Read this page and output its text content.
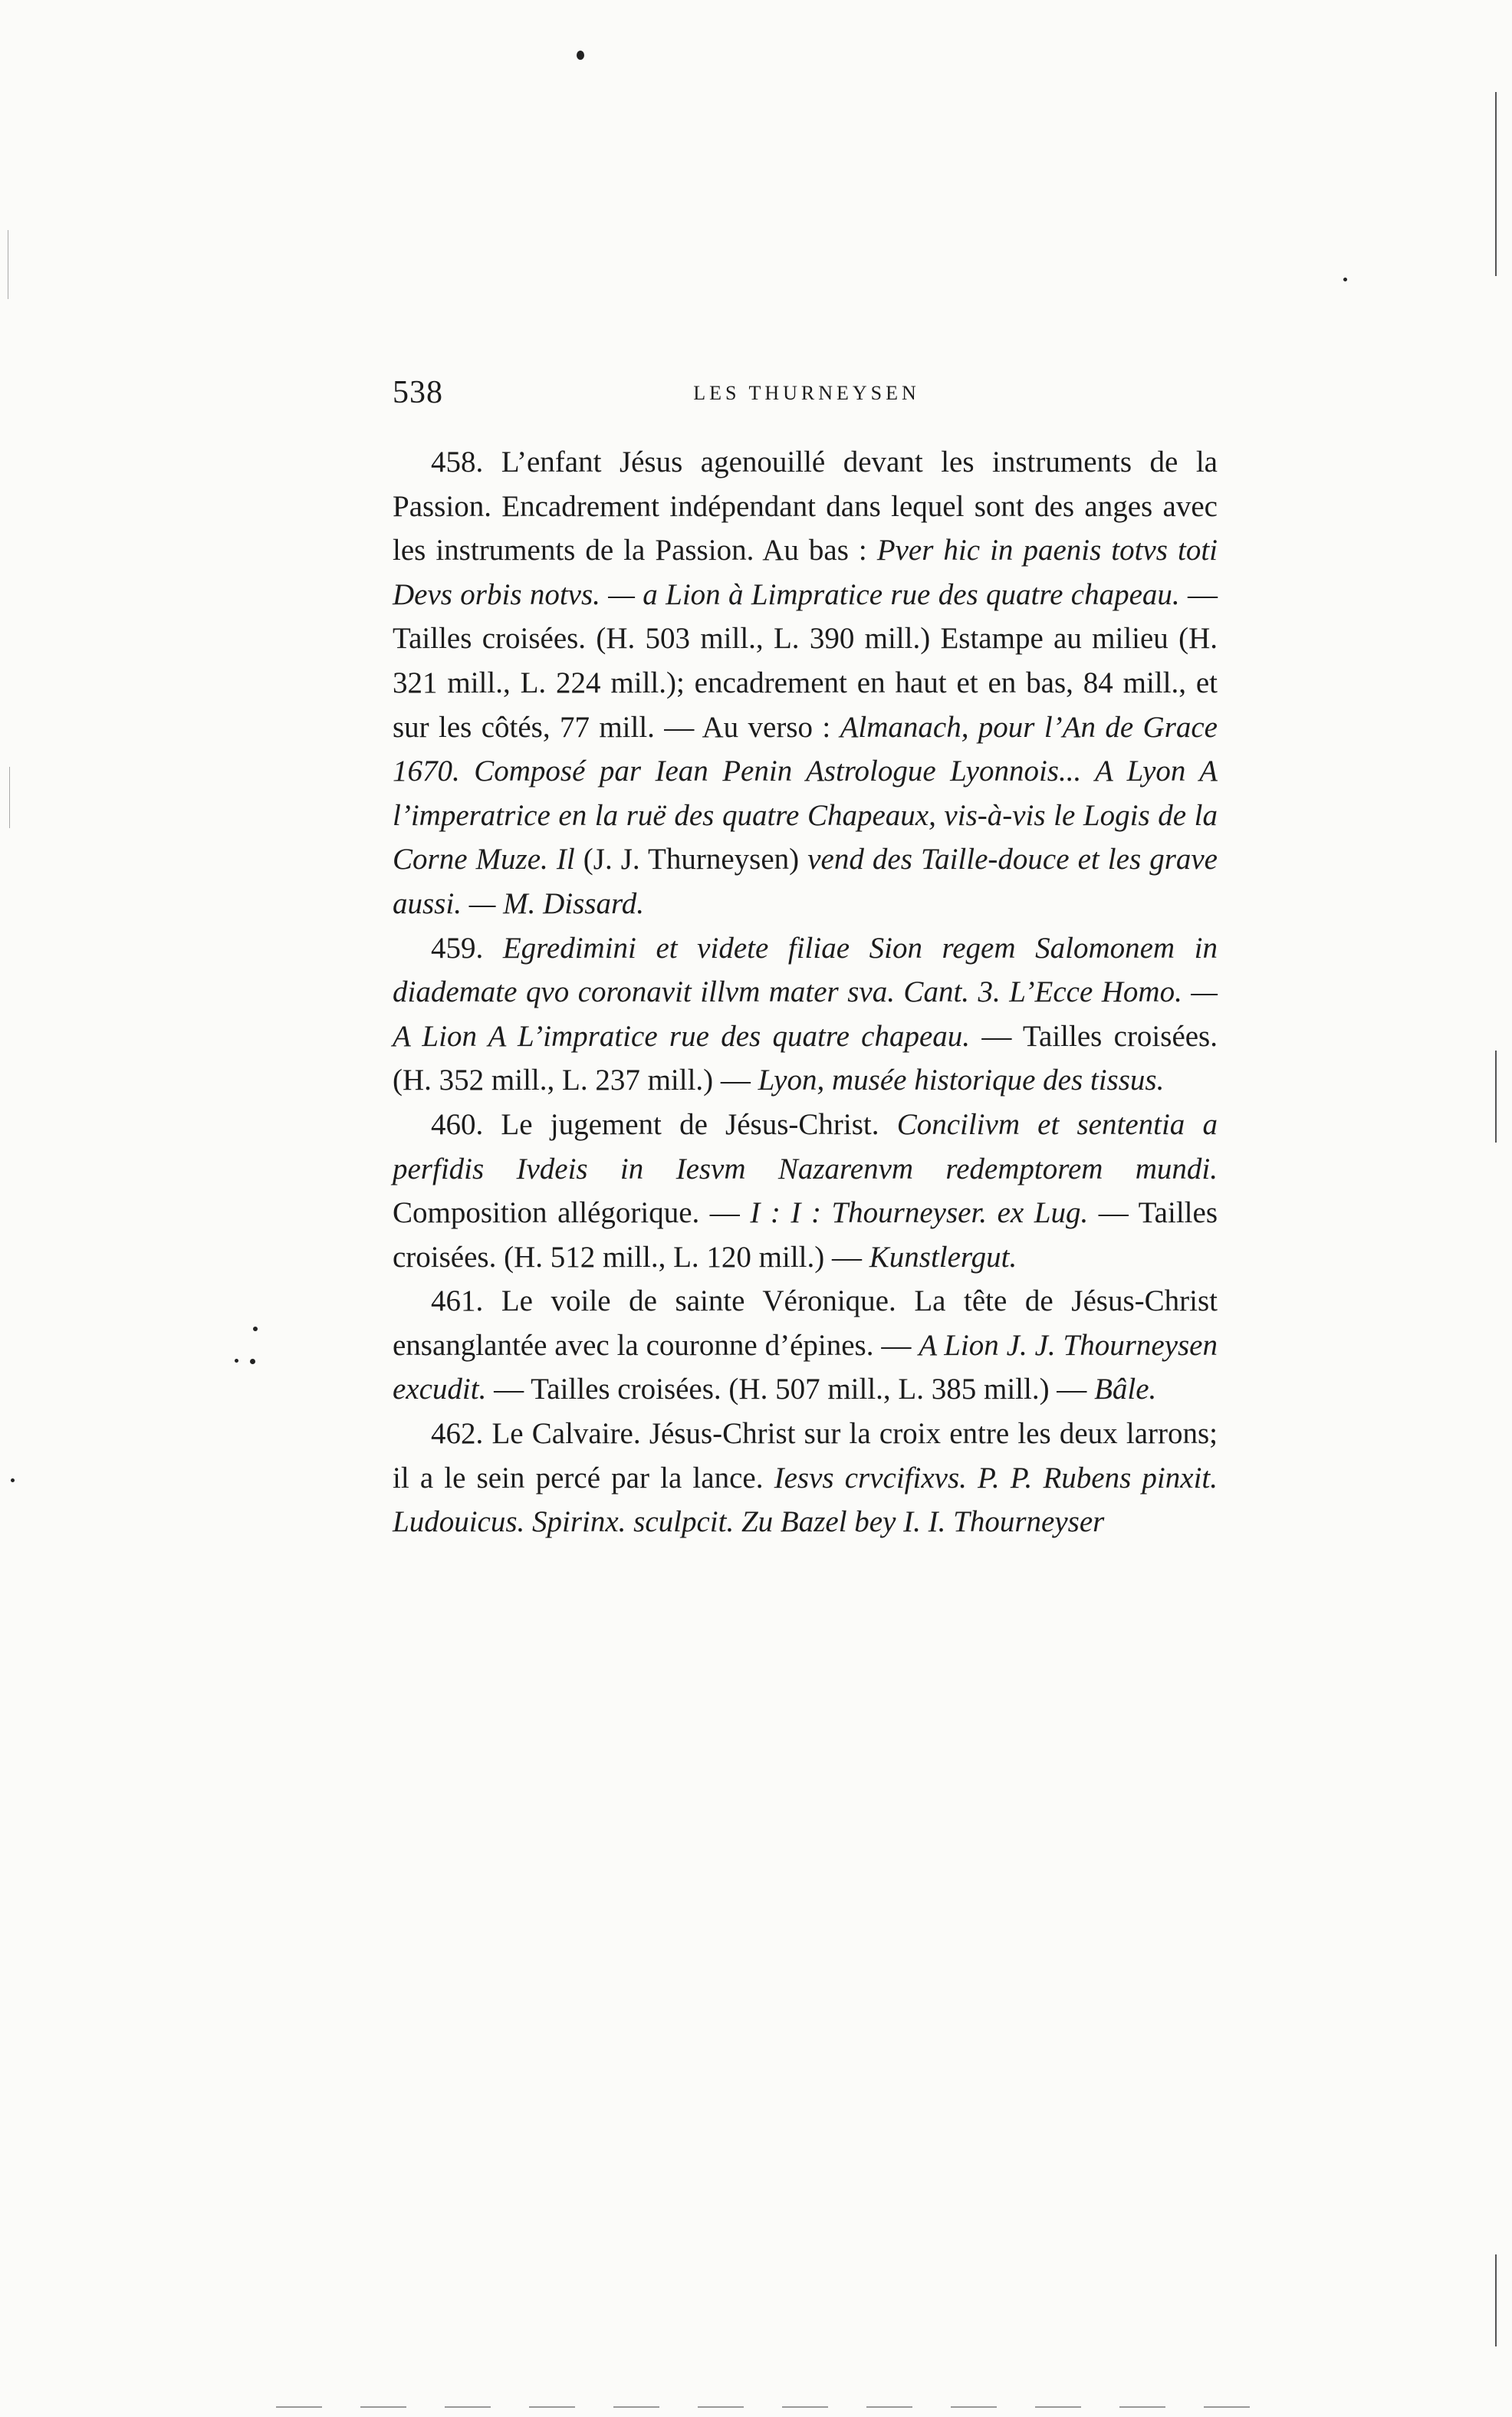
538	LES THURNEYSEN

458. L’enfant Jésus agenouillé devant les instruments de la Passion. Encadrement indépendant dans lequel sont des anges avec les instruments de la Passion. Au bas : Pver hic in paenis totvs toti Devs orbis notvs. — a Lion à Limpratice rue des quatre chapeau. — Tailles croisées. (H. 503 mill., L. 390 mill.) Estampe au milieu (H. 321 mill., L. 224 mill.); encadrement en haut et en bas, 84 mill., et sur les côtés, 77 mill. — Au verso : Almanach, pour l’An de Grace 1670. Composé par Iean Penin Astrologue Lyonnois... A Lyon A l’imperatrice en la ruë des quatre Chapeaux, vis-à-vis le Logis de la Corne Muze. Il (J. J. Thurneysen) vend des Taille-douce et les grave aussi. — M. Dissard.

459. Egredimini et videte filiae Sion regem Salomonem in diademate qvo coronavit illvm mater sva. Cant. 3. L’Ecce Homo. — A Lion A L’impratice rue des quatre chapeau. — Tailles croisées. (H. 352 mill., L. 237 mill.) — Lyon, musée historique des tissus.

460. Le jugement de Jésus-Christ. Concilivm et sententia a perfidis Ivdeis in Iesvm Nazarenvm redemptorem mundi. Composition allégorique. — I : I : Thourneyser. ex Lug. — Tailles croisées. (H. 512 mill., L. 120 mill.) — Kunstlergut.

461. Le voile de sainte Véronique. La tête de Jésus-Christ ensanglantée avec la couronne d’épines. — A Lion J. J. Thourneysen excudit. — Tailles croisées. (H. 507 mill., L. 385 mill.) — Bâle.

462. Le Calvaire. Jésus-Christ sur la croix entre les deux larrons; il a le sein percé par la lance. Iesvs crvcifixvs. P. P. Rubens pinxit. Ludouicus. Spirinx. sculpcit. Zu Bazel bey I. I. Thourneyser
